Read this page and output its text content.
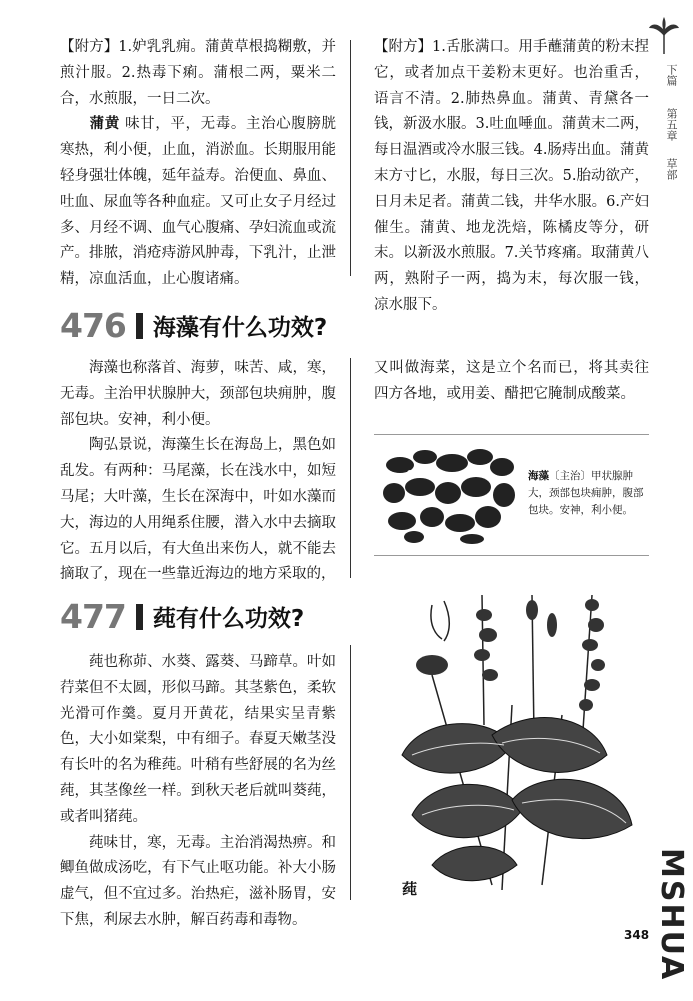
下篇
第五章
草部
【附方】1.妒乳乳痈。蒲黄草根捣糊敷，并煎汁服。2.热毒下痢。蒲根二两，粟米二合，水煎服，一日二次。
蒲黄 味甘，平，无毒。主治心腹膀胱寒热，利小便，止血，消淤血。长期服用能轻身强壮体魄，延年益寿。治便血、鼻血、吐血、尿血等各种血症。又可止女子月经过多、月经不调、血气心腹痛、孕妇流血或流产。排脓，消疮痔游风肿毒，下乳汁，止泄精，凉血活血，止心腹诸痛。
【附方】1.舌胀满口。用手蘸蒲黄的粉末捏它，或者加点干姜粉末更好。也治重舌，语言不清。2.肺热鼻血。蒲黄、青黛各一钱，新汲水服。3.吐血唾血。蒲黄末二两，每日温酒或冷水服三钱。4.肠痔出血。蒲黄末方寸匕，水服，每日三次。5.胎动欲产，日月未足者。蒲黄二钱，井华水服。6.产妇催生。蒲黄、地龙洗焙，陈橘皮等分，研末。以新汲水煎服。7.关节疼痛。取蒲黄八两，熟附子一两，捣为末，每次服一钱，凉水服下。
476 海藻有什么功效?
海藻也称落首、海萝，味苦、咸，寒，无毒。主治甲状腺肿大，颈部包块痈肿，腹部包块。安神，利小便。
陶弘景说，海藻生长在海岛上，黑色如乱发。有两种：马尾藻，长在浅水中，如短马尾；大叶藻，生长在深海中，叶如水藻而大，海边的人用绳系住腰，潜入水中去摘取它。五月以后，有大鱼出来伤人，就不能去摘取了，现在一些靠近海边的地方采取的，
又叫做海菜，这是立个名而已，将其卖往四方各地，或用姜、醋把它腌制成酸菜。
海藻〔主治〕甲状腺肿大，颈部包块痈肿，腹部包块。安神，利小便。
477 莼有什么功效?
莼也称茆、水葵、露葵、马蹄草。叶如荇菜但不太圆，形似马蹄。其茎紫色，柔软光滑可作羹。夏月开黄花，结果实呈青紫色，大小如棠梨，中有细子。春夏天嫩茎没有长叶的名为稚莼。叶稍有些舒展的名为丝莼，其茎像丝一样。到秋天老后就叫葵莼，或者叫猪莼。
莼味甘，寒，无毒。主治消渴热痹。和鲫鱼做成汤吃，有下气止呕功能。补大小肠虚气，但不宜过多。治热疟，滋补肠胃，安下焦，利尿去水肿，解百药毒和毒物。
莼
348 MSHUA
